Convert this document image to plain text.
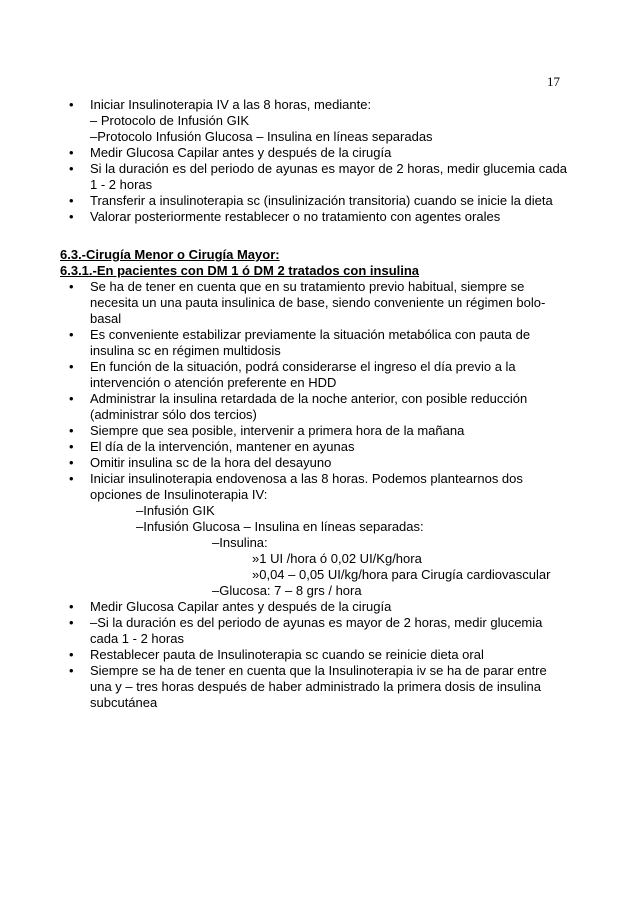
17
• Iniciar Insulinoterapia IV a las 8 horas, mediante:
– Protocolo de Infusión GIK
–Protocolo Infusión Glucosa – Insulina en líneas separadas
• Medir Glucosa Capilar antes y después de la cirugía
• Si la duración es del periodo de ayunas es mayor de 2 horas, medir glucemia cada 1 - 2 horas
• Transferir a insulinoterapia sc (insulinización transitoria) cuando se inicie la dieta
• Valorar posteriormente restablecer o no tratamiento con agentes orales
6.3.-Cirugía Menor o Cirugía Mayor:
6.3.1.-En pacientes con DM 1 ó DM 2 tratados con insulina
• Se ha de tener en cuenta que en su tratamiento previo habitual, siempre se necesita un una pauta insulinica de base, siendo conveniente un régimen bolo-basal
• Es conveniente estabilizar previamente la situación metabólica con pauta de insulina sc en régimen multidosis
• En función de la situación, podrá considerarse el ingreso el día previo a la intervención o atención preferente en HDD
• Administrar la insulina retardada de la noche anterior, con posible reducción (administrar sólo dos tercios)
• Siempre que sea posible, intervenir a primera hora de la mañana
• El día de la intervención, mantener en ayunas
• Omitir insulina sc de la hora del desayuno
• Iniciar insulinoterapia endovenosa a las 8 horas. Podemos plantearnos dos opciones de Insulinoterapia IV:
–Infusión GIK
–Infusión Glucosa – Insulina en líneas separadas:
–Insulina:
»1 UI /hora ó 0,02 UI/Kg/hora
»0,04 – 0,05 UI/kg/hora para Cirugía cardiovascular
–Glucosa: 7 – 8 grs / hora
• Medir Glucosa Capilar antes y después de la cirugía
• –Si la duración es del periodo de ayunas es mayor de 2 horas, medir glucemia cada 1 - 2 horas
• Restablecer pauta de Insulinoterapia sc cuando se reinicie dieta oral
• Siempre se ha de tener en cuenta que la Insulinoterapia iv se ha de parar entre una y – tres horas después de haber administrado la primera dosis de insulina subcutánea
